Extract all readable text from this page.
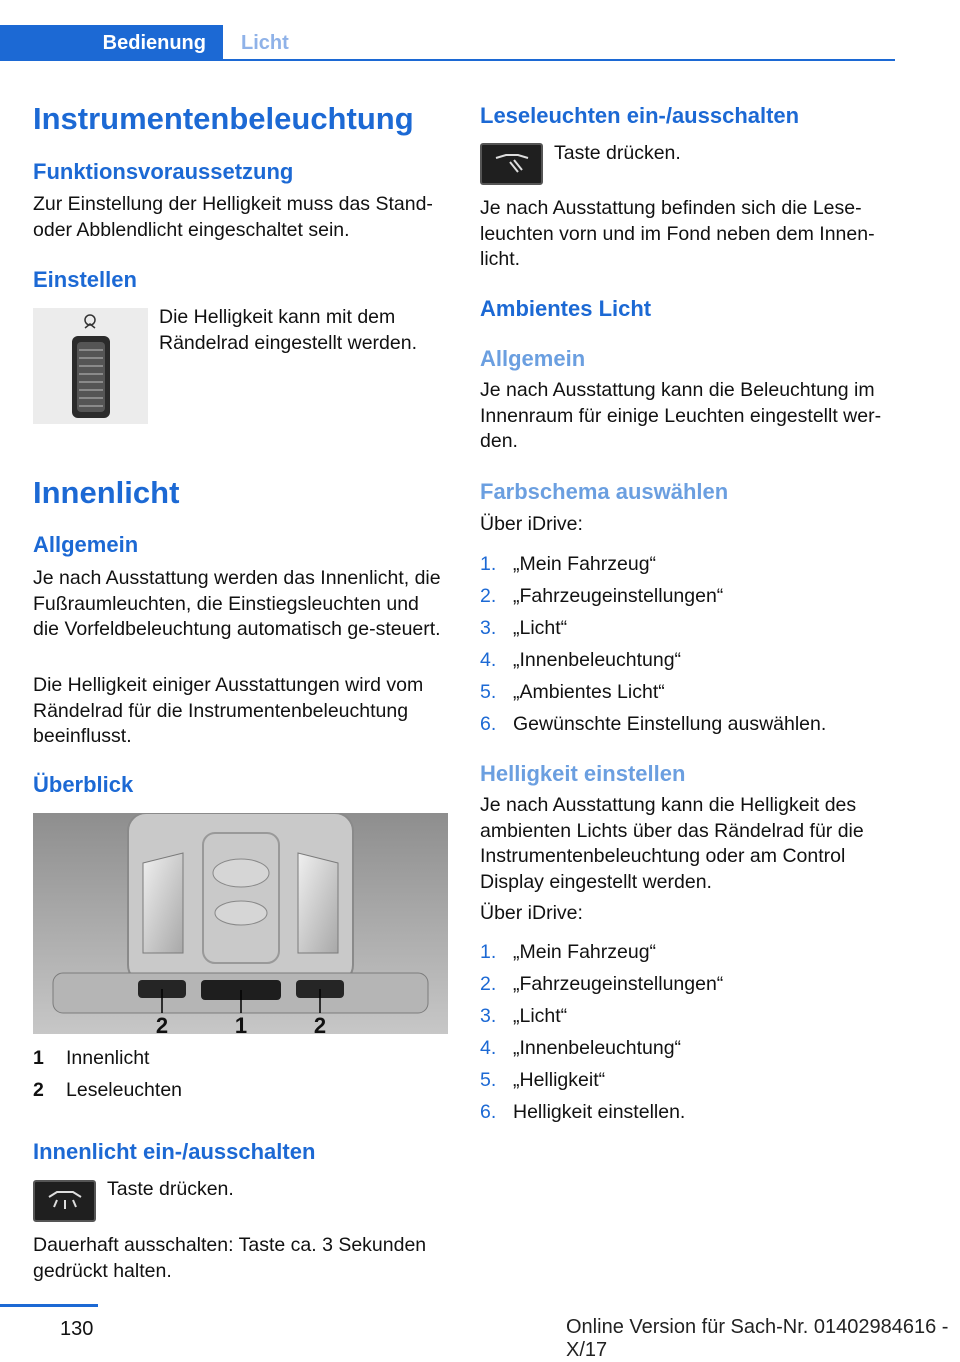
Bedienung	Licht
Instrumentenbeleuchtung
Funktionsvoraussetzung

Zur Einstellung der Helligkeit muss das Stand‐oder Abblendlicht eingeschaltet sein.

Einstellen

Die Helligkeit kann mit dem Rändelrad eingestellt werden.

Innenlicht
Allgemein

Je nach Ausstattung werden das Innenlicht, die Fußraumleuchten, die Einstiegsleuchten und die Vorfeldbeleuchtung automatisch ge‐steuert.

Die Helligkeit einiger Ausstattungen wird vom Rändelrad für die Instrumentenbeleuchtung beeinflusst.

Überblick
2	1	2
1 Innenlicht
2 Leseleuchten
Innenlicht ein-/ausschalten

Taste drücken.

Dauerhaft ausschalten: Taste ca. 3 Sekunden gedrückt halten.

Leseleuchten ein-/ausschalten

Taste drücken.

Je nach Ausstattung befinden sich die Lese‐leuchten vorn und im Fond neben dem Innen‐licht.

Ambientes Licht
Allgemein

Je nach Ausstattung kann die Beleuchtung im Innenraum für einige Leuchten eingestellt wer‐den.

Farbschema auswählen

Über iDrive:

1. „Mein Fahrzeug“
2. „Fahrzeugeinstellungen“
3. „Licht“
4. „Innenbeleuchtung“
5. „Ambientes Licht“
6. Gewünschte Einstellung auswählen.
Helligkeit einstellen

Je nach Ausstattung kann die Helligkeit des ambienten Lichts über das Rändelrad für die Instrumentenbeleuchtung oder am Control Display eingestellt werden.

Über iDrive:

1. „Mein Fahrzeug“
2. „Fahrzeugeinstellungen“
3. „Licht“
4. „Innenbeleuchtung“
5. „Helligkeit“
6. Helligkeit einstellen.
130	Online Version für Sach-Nr. 01402984616 - X/17
